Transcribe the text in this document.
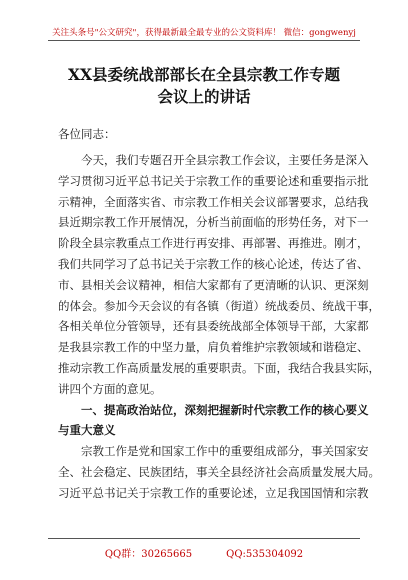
关注头条号"公文研究"，获得最新最全最专业的公文资料库！ 微信：gongwenyj
XX县委统战部部长在全县宗教工作专题
会议上的讲话
各位同志：
今天，我们专题召开全县宗教工作会议，主要任务是深入
学习贯彻习近平总书记关于宗教工作的重要论述和重要指示批
示精神，全面落实省、市宗教工作相关会议部署要求，总结我
县近期宗教工作开展情况，分析当前面临的形势任务，对下一
阶段全县宗教重点工作进行再安排、再部署、再推进。刚才，
我们共同学习了总书记关于宗教工作的核心论述，传达了省、
市、县相关会议精神，相信大家都有了更清晰的认识、更深刻
的体会。参加今天会议的有各镇（街道）统战委员、统战干事，
各相关单位分管领导，还有县委统战部全体领导干部，大家都
是我县宗教工作的中坚力量，肩负着维护宗教领域和谐稳定、
推动宗教工作高质量发展的重要职责。下面，我结合我县实际，
讲四个方面的意见。
一、提高政治站位，深刻把握新时代宗教工作的核心要义
与重大意义
宗教工作是党和国家工作中的重要组成部分，事关国家安
全、社会稳定、民族团结，事关全县经济社会高质量发展大局。
习近平总书记关于宗教工作的重要论述，立足我国国情和宗教
QQ群：30265665	QQ:535304092
